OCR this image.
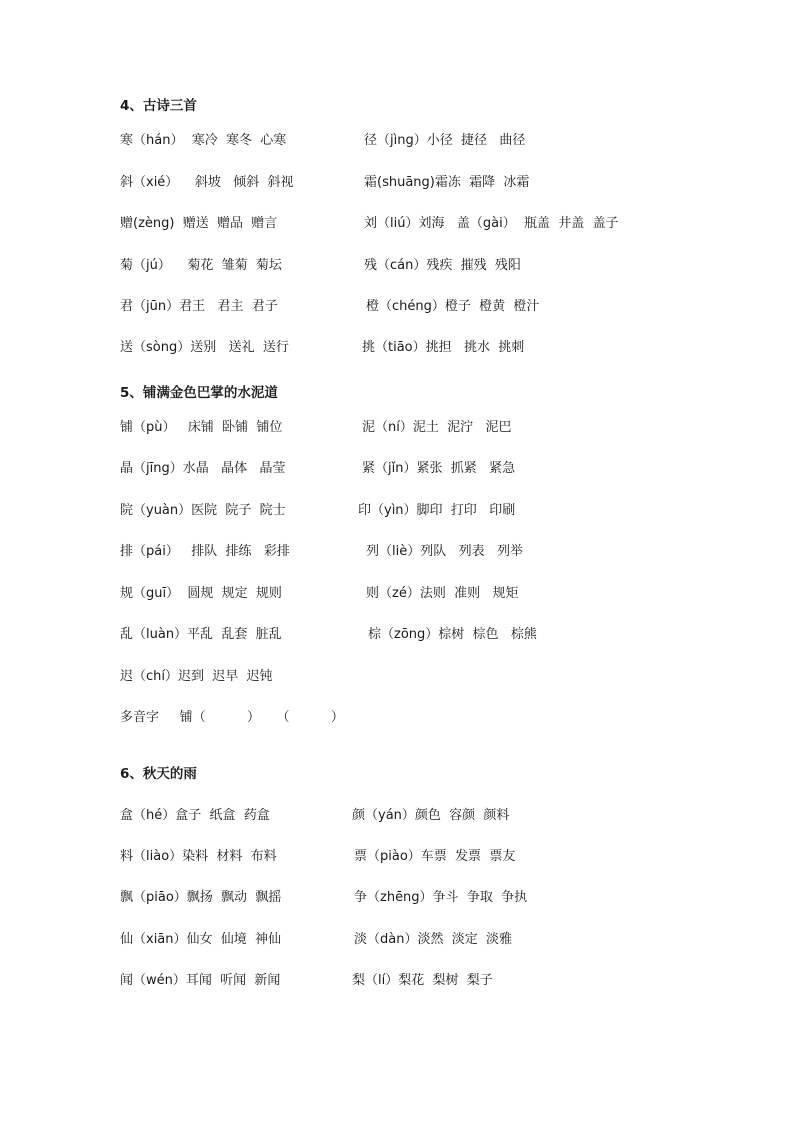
4、古诗三首
寒（hán）  寒冷  寒冬  心寒	径（jìng）小径  捷径   曲径
斜（xié）    斜坡   倾斜  斜视	霜(shuāng)霜冻  霜降  冰霜
赠(zèng)  赠送  赠品  赠言	刘（liú）刘海   盖（gài）  瓶盖  井盖  盖子
菊（jú）    菊花  雏菊  菊坛	残（cán）残疾  摧残  残阳
君（jūn）君王   君主  君子	橙（chéng）橙子  橙黄  橙汁
送（sòng）送别   送礼  送行	挑（tiāo）挑担   挑水  挑刺
5、铺满金色巴掌的水泥道
铺（pù）   床铺  卧铺  铺位	泥（ní）泥土  泥泞   泥巴
晶（jīng）水晶   晶体   晶莹	紧（jǐn）紧张  抓紧   紧急
院（yuàn）医院  院子  院士	印（yìn）脚印  打印   印刷
排（pái）   排队  排练   彩排	列（liè）列队   列表   列举
规（guī）  圆规  规定  规则	则（zé）法则  准则   规矩
乱（luàn）平乱  乱套  脏乱	棕（zōng）棕树  棕色   棕熊
迟（chí）迟到  迟早  迟钝
多音字     铺（          ）    （          ）
6、秋天的雨
盒（hé）盒子  纸盒  药盒	颜（yán）颜色  容颜  颜料
料（liào）染料  材料  布料	票（piào）车票  发票  票友
飘（piāo）飘扬  飘动  飘摇	争（zhēng）争斗  争取  争执
仙（xiān）仙女  仙境  神仙	淡（dàn）淡然  淡定  淡雅
闻（wén）耳闻  听闻  新闻	梨（lí）梨花  梨树  梨子
